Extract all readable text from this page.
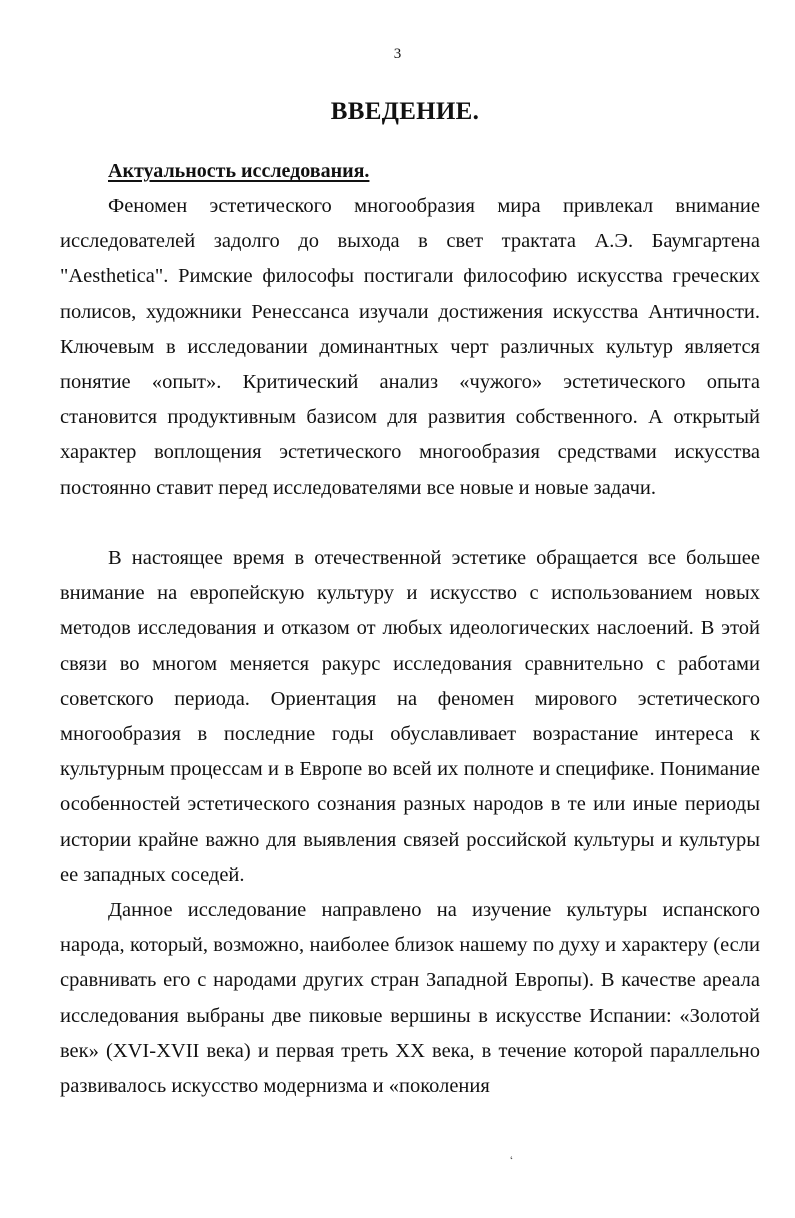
3
ВВЕДЕНИЕ.
Актуальность исследования.

Феномен эстетического многообразия мира привлекал внимание исследователей задолго до выхода в свет трактата А.Э. Баумгартена "Aesthetica". Римские философы постигали философию искусства греческих полисов, художники Ренессанса изучали достижения искусства Античности. Ключевым в исследовании доминантных черт различных культур является понятие «опыт». Критический анализ «чужого» эстетического опыта становится продуктивным базисом для развития собственного. А открытый характер воплощения эстетического многообразия средствами искусства постоянно ставит перед исследователями все новые и новые задачи.

В настоящее время в отечественной эстетике обращается все большее внимание на европейскую культуру и искусство с использованием новых методов исследования и отказом от любых идеологических наслоений. В этой связи во многом меняется ракурс исследования сравнительно с работами советского периода. Ориентация на феномен мирового эстетического многообразия в последние годы обуславливает возрастание интереса к культурным процессам и в Европе во всей их полноте и специфике. Понимание особенностей эстетического сознания разных народов в те или иные периоды истории крайне важно для выявления связей российской культуры и культуры ее западных соседей.

Данное исследование направлено на изучение культуры испанского народа, который, возможно, наиболее близок нашему по духу и характеру (если сравнивать его с народами других стран Западной Европы). В качестве ареала исследования выбраны две пиковые вершины в искусстве Испании: «Золотой век» (XVI-XVII века) и первая треть XX века, в течение которой параллельно развивалось искусство модернизма и «поколения

‘
